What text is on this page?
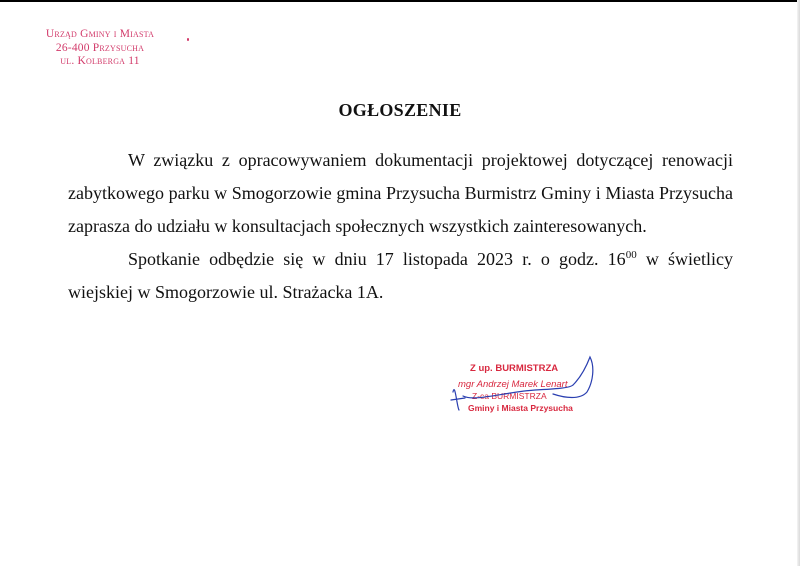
Urząd Gminy i Miasta
26-400 Przysucha
ul. Kolberga 11
OGŁOSZENIE

W związku z opracowywaniem dokumentacji projektowej dotyczącej renowacji zabytkowego parku w Smogorzowie gmina Przysucha Burmistrz Gminy i Miasta Przysucha zaprasza do udziału w konsultacjach społecznych wszystkich zainteresowanych.

Spotkanie odbędzie się w dniu 17 listopada 2023 r. o godz. $16^{00}$ w świetlicy wiejskiej w Smogorzowie ul. Strażacka 1A.

Z up. BURMISTRZA
mgr Andrzej Marek Lenart
Z-ca BURMISTRZA
Gminy i Miasta Przysucha
